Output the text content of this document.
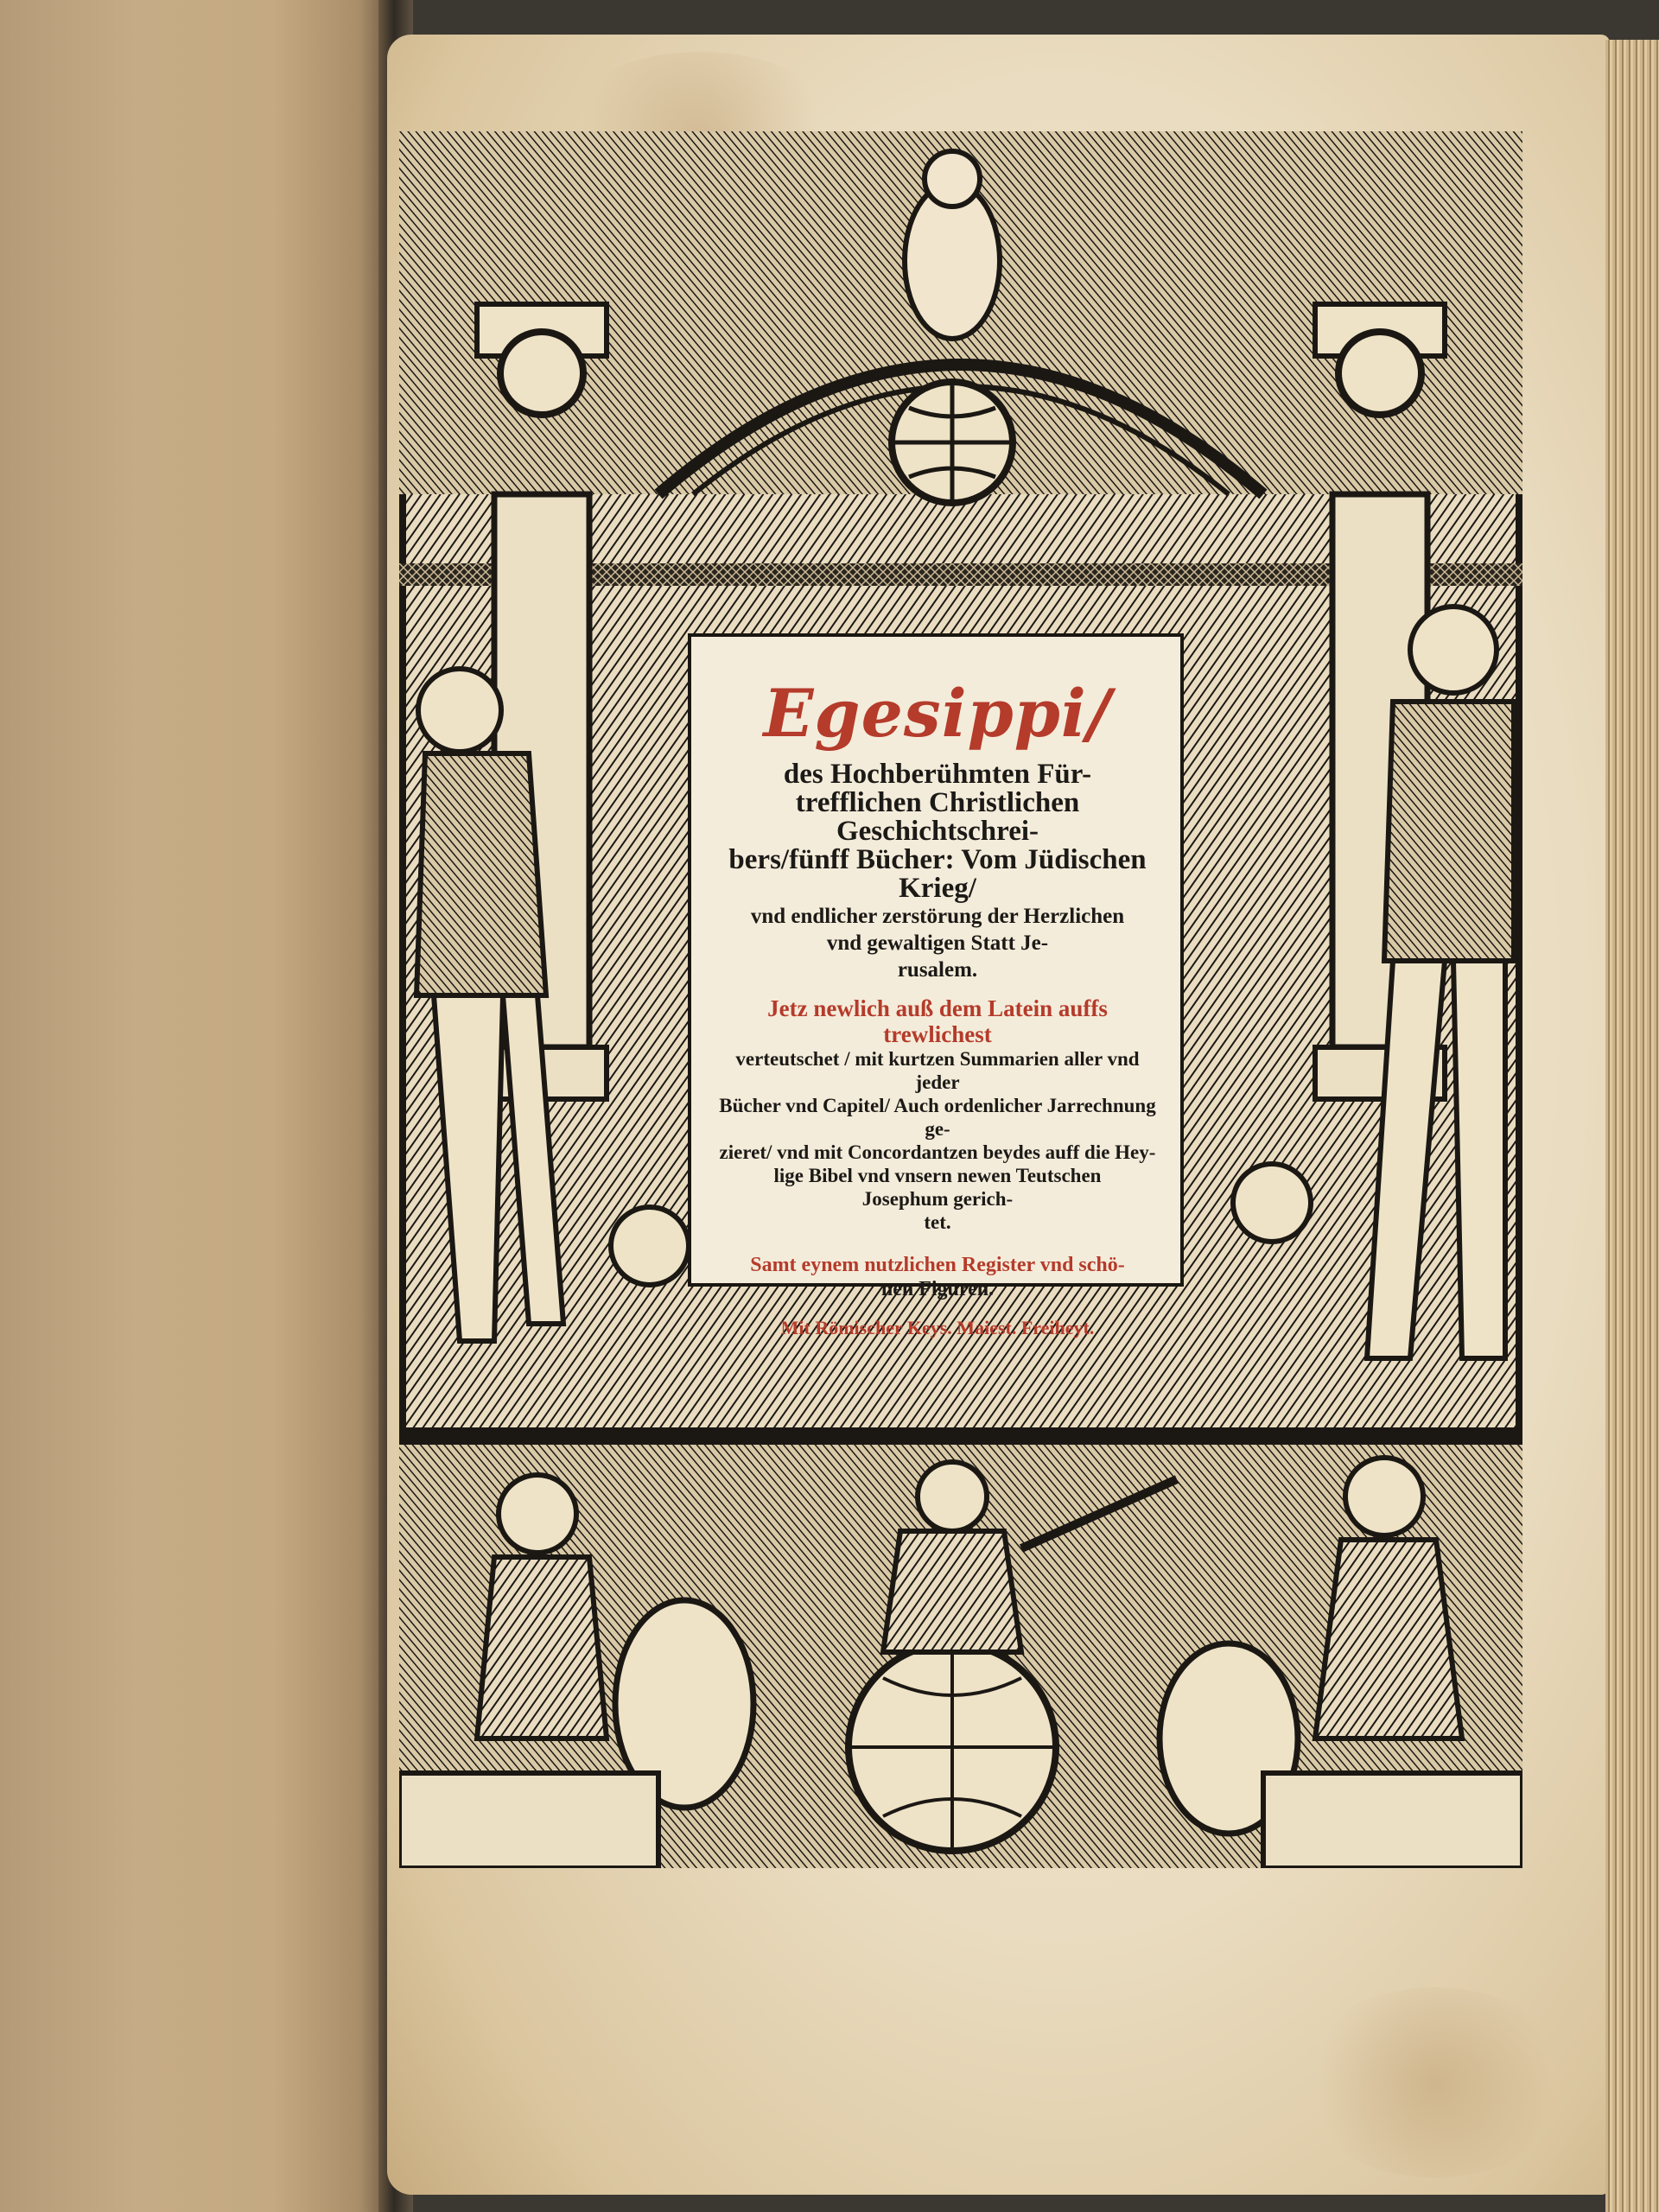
Egesippi/

des Hochberühmten Für-

trefflichen Christlichen Geschichtschrei-

bers/fünff Bücher: Vom Jüdischen Krieg/

vnd endlicher zerstörung der Herzlichen

vnd gewaltigen Statt Je-

rusalem.

Jetz newlich auß dem Latein auffs trewlichest

verteutschet / mit kurtzen Summarien aller vnd jeder

Bücher vnd Capitel/ Auch ordenlicher Jarrechnung ge-

zieret/ vnd mit Concordantzen beydes auff die Hey-

lige Bibel vnd vnsern newen Teutschen

Josephum gerich-

tet.

Samt eynem nutzlichen Register vnd schö-
nen Figuren.

Mit Römischer Keys. Maiest. Freiheyt.
